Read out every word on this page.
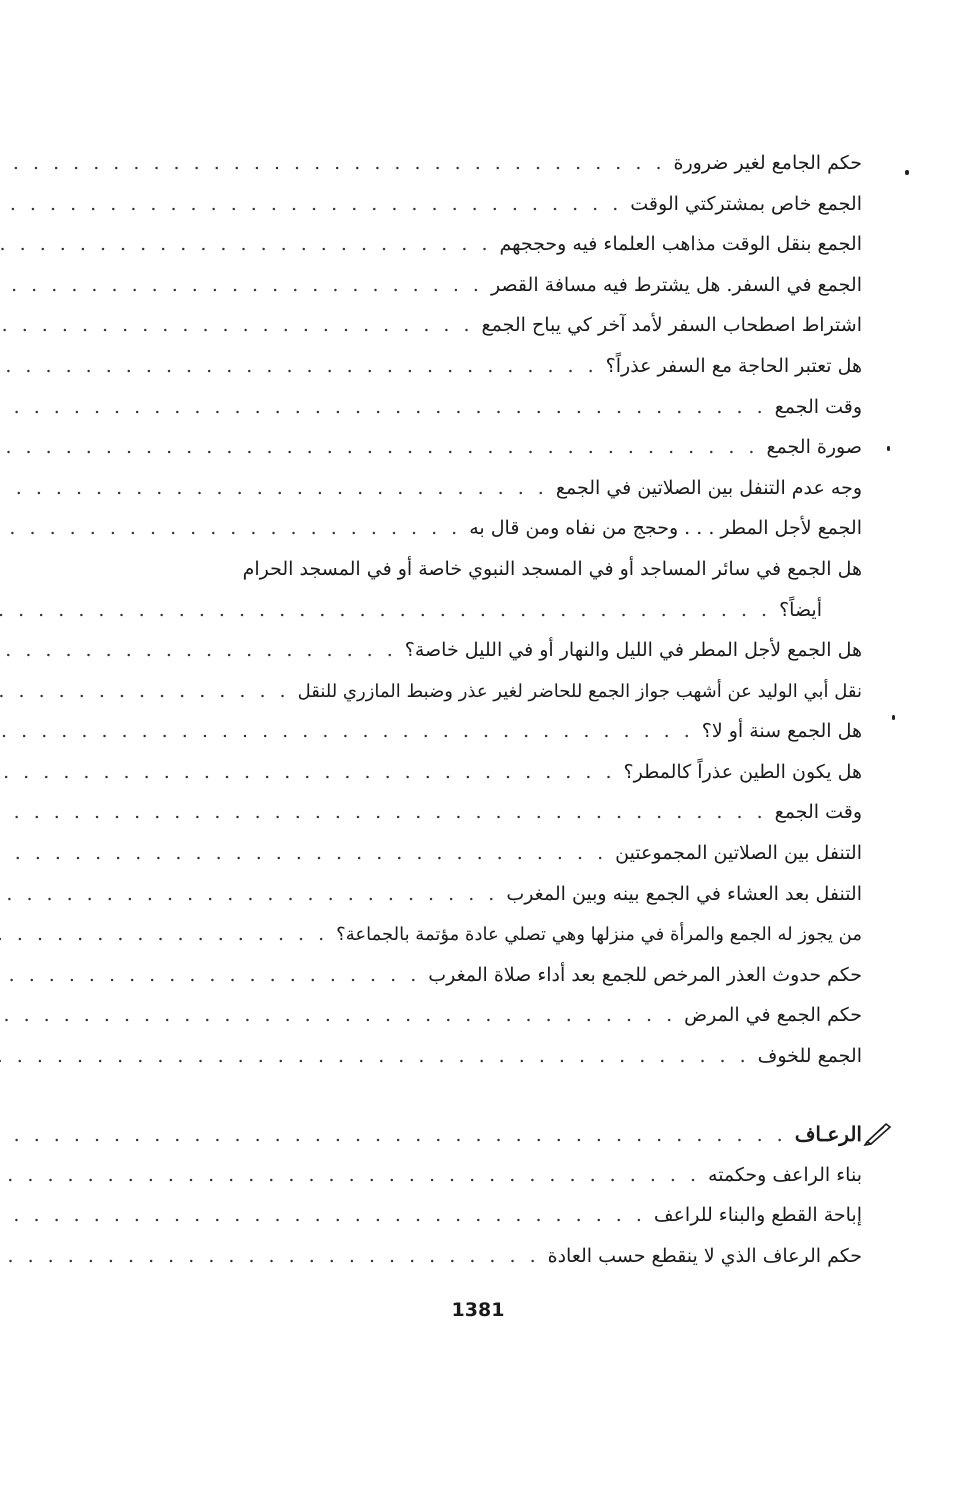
حكم الجامع لغير ضرورة
. . .
الجمع خاص بمشتركتي الوقت
. . .
الجمع بنقل الوقت مذاهب العلماء فيه وحججهم
. . .
الجمع في السفر. هل يشترط فيه مسافة القصر
. . .
اشتراط اصطحاب السفر لأمد آخر كي يباح الجمع
. . .
هل تعتبر الحاجة مع السفر عذراً؟
. . .
وقت الجمع
. . .
صورة الجمع
. . .
وجه عدم التنفل بين الصلاتين في الجمع
. . .
الجمع لأجل المطر . . . وحجج من نفاه ومن قال به
. . .
هل الجمع في سائر المساجد أو في المسجد النبوي خاصة أو في المسجد الحرام
أيضاً؟
. . .
هل الجمع لأجل المطر في الليل والنهار أو في الليل خاصة؟
. . .
نقل أبي الوليد عن أشهب جواز الجمع للحاضر لغير عذر وضبط المازري للنقل
. . .
هل الجمع سنة أو لا؟
. . .
هل يكون الطين عذراً كالمطر؟
. . .
وقت الجمع
. . .
التنفل بين الصلاتين المجموعتين
. . .
التنفل بعد العشاء في الجمع بينه وبين المغرب
. . .
من يجوز له الجمع والمرأة في منزلها وهي تصلي عادة مؤتمة بالجماعة؟
. . .
حكم حدوث العذر المرخص للجمع بعد أداء صلاة المغرب
. . .
حكم الجمع في المرض
. . .
الجمع للخوف
. . .
الرعـاف
. . .
بناء الراعف وحكمته
. . .
إباحة القطع والبناء للراعف
. . .
حكم الرعاف الذي لا ينقطع حسب العادة
. . .
1381
